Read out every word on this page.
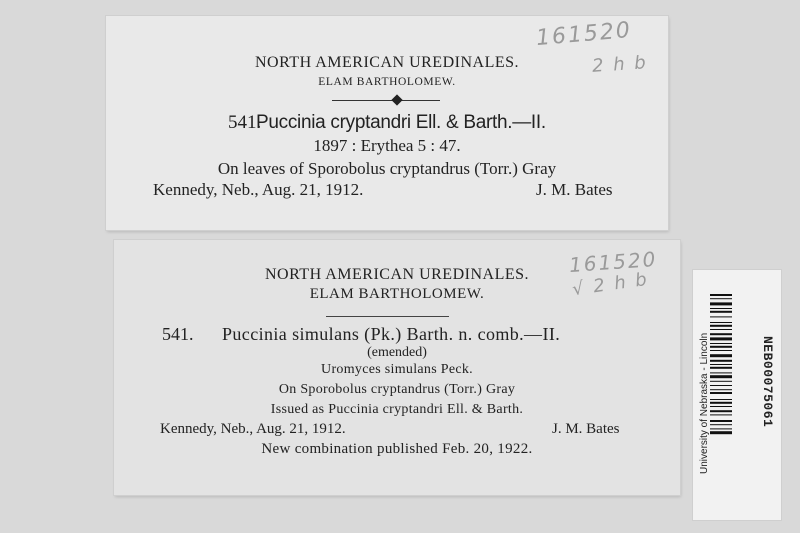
161520
2 h b
NORTH AMERICAN UREDINALES.
ELAM BARTHOLOMEW.
541.
Puccinia cryptandri Ell. & Barth.—II.
1897 : Erythea 5 : 47.
On leaves of Sporobolus cryptandrus (Torr.) Gray
Kennedy, Neb., Aug. 21, 1912.	J. M. Bates
161520
√ 2 h b
NORTH AMERICAN UREDINALES.
ELAM BARTHOLOMEW.
541. Puccinia simulans (Pk.) Barth. n. comb.—II.
(emended)
Uromyces simulans Peck.
On Sporobolus cryptandrus (Torr.) Gray
Issued as Puccinia cryptandri Ell. & Barth.
Kennedy, Neb., Aug. 21, 1912.	J. M. Bates
New combination published Feb. 20, 1922.	University of Nebraska - Lincoln	NEB00075061
